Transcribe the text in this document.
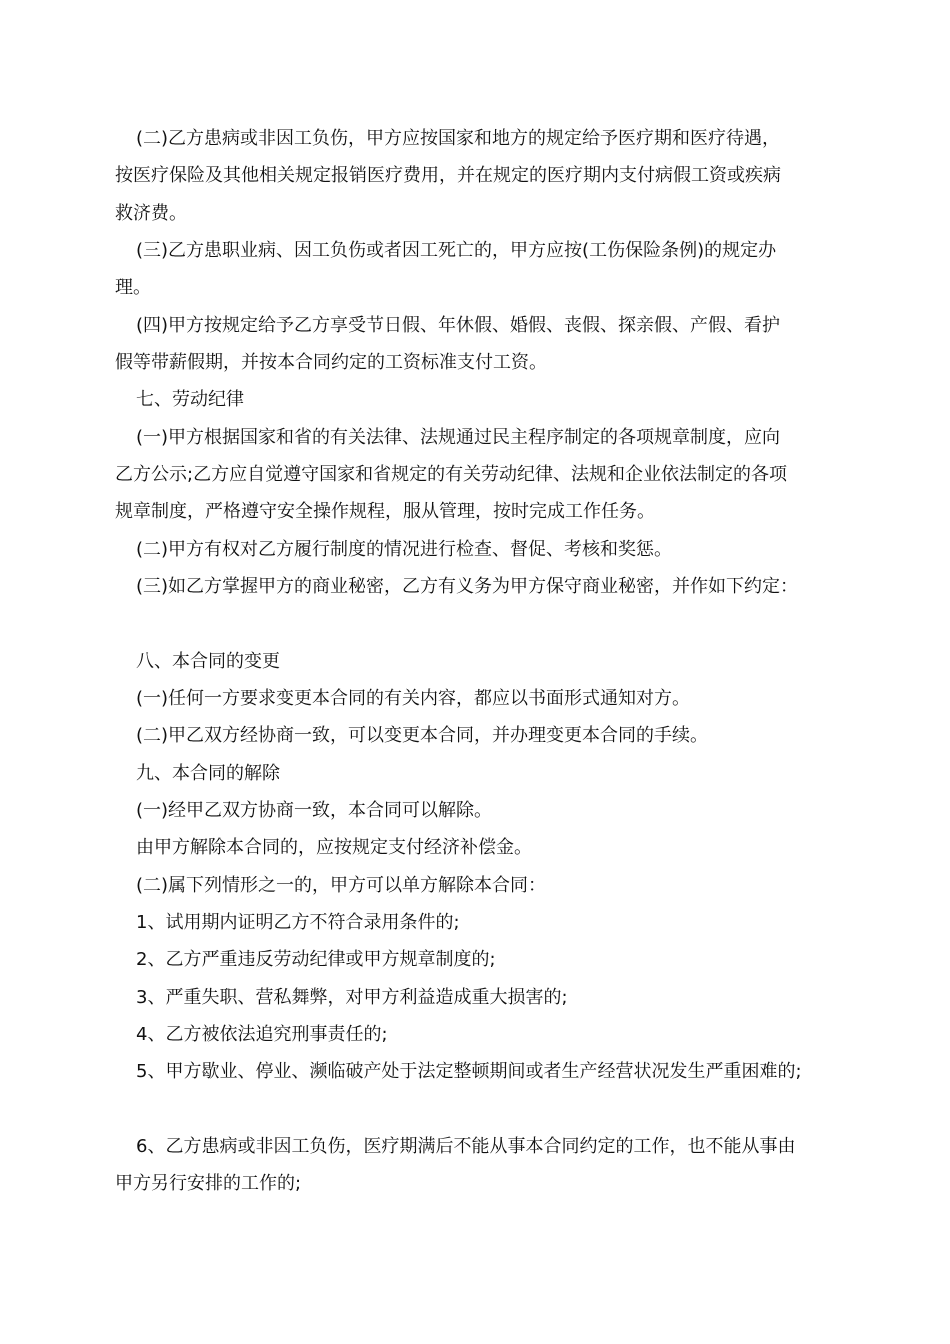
(二)乙方患病或非因工负伤，甲方应按国家和地方的规定给予医疗期和医疗待遇，
按医疗保险及其他相关规定报销医疗费用，并在规定的医疗期内支付病假工资或疾病
救济费。
(三)乙方患职业病、因工负伤或者因工死亡的，甲方应按(工伤保险条例)的规定办
理。
(四)甲方按规定给予乙方享受节日假、年休假、婚假、丧假、探亲假、产假、看护
假等带薪假期，并按本合同约定的工资标准支付工资。
七、劳动纪律
(一)甲方根据国家和省的有关法律、法规通过民主程序制定的各项规章制度，应向
乙方公示;乙方应自觉遵守国家和省规定的有关劳动纪律、法规和企业依法制定的各项
规章制度，严格遵守安全操作规程，服从管理，按时完成工作任务。
(二)甲方有权对乙方履行制度的情况进行检查、督促、考核和奖惩。
(三)如乙方掌握甲方的商业秘密，乙方有义务为甲方保守商业秘密，并作如下约定：
八、本合同的变更
(一)任何一方要求变更本合同的有关内容，都应以书面形式通知对方。
(二)甲乙双方经协商一致，可以变更本合同，并办理变更本合同的手续。
九、本合同的解除
(一)经甲乙双方协商一致，本合同可以解除。
由甲方解除本合同的，应按规定支付经济补偿金。
(二)属下列情形之一的，甲方可以单方解除本合同：
1、试用期内证明乙方不符合录用条件的;
2、乙方严重违反劳动纪律或甲方规章制度的;
3、严重失职、营私舞弊，对甲方利益造成重大损害的;
4、乙方被依法追究刑事责任的;
5、甲方歇业、停业、濒临破产处于法定整顿期间或者生产经营状况发生严重困难的;
6、乙方患病或非因工负伤，医疗期满后不能从事本合同约定的工作，也不能从事由
甲方另行安排的工作的;
